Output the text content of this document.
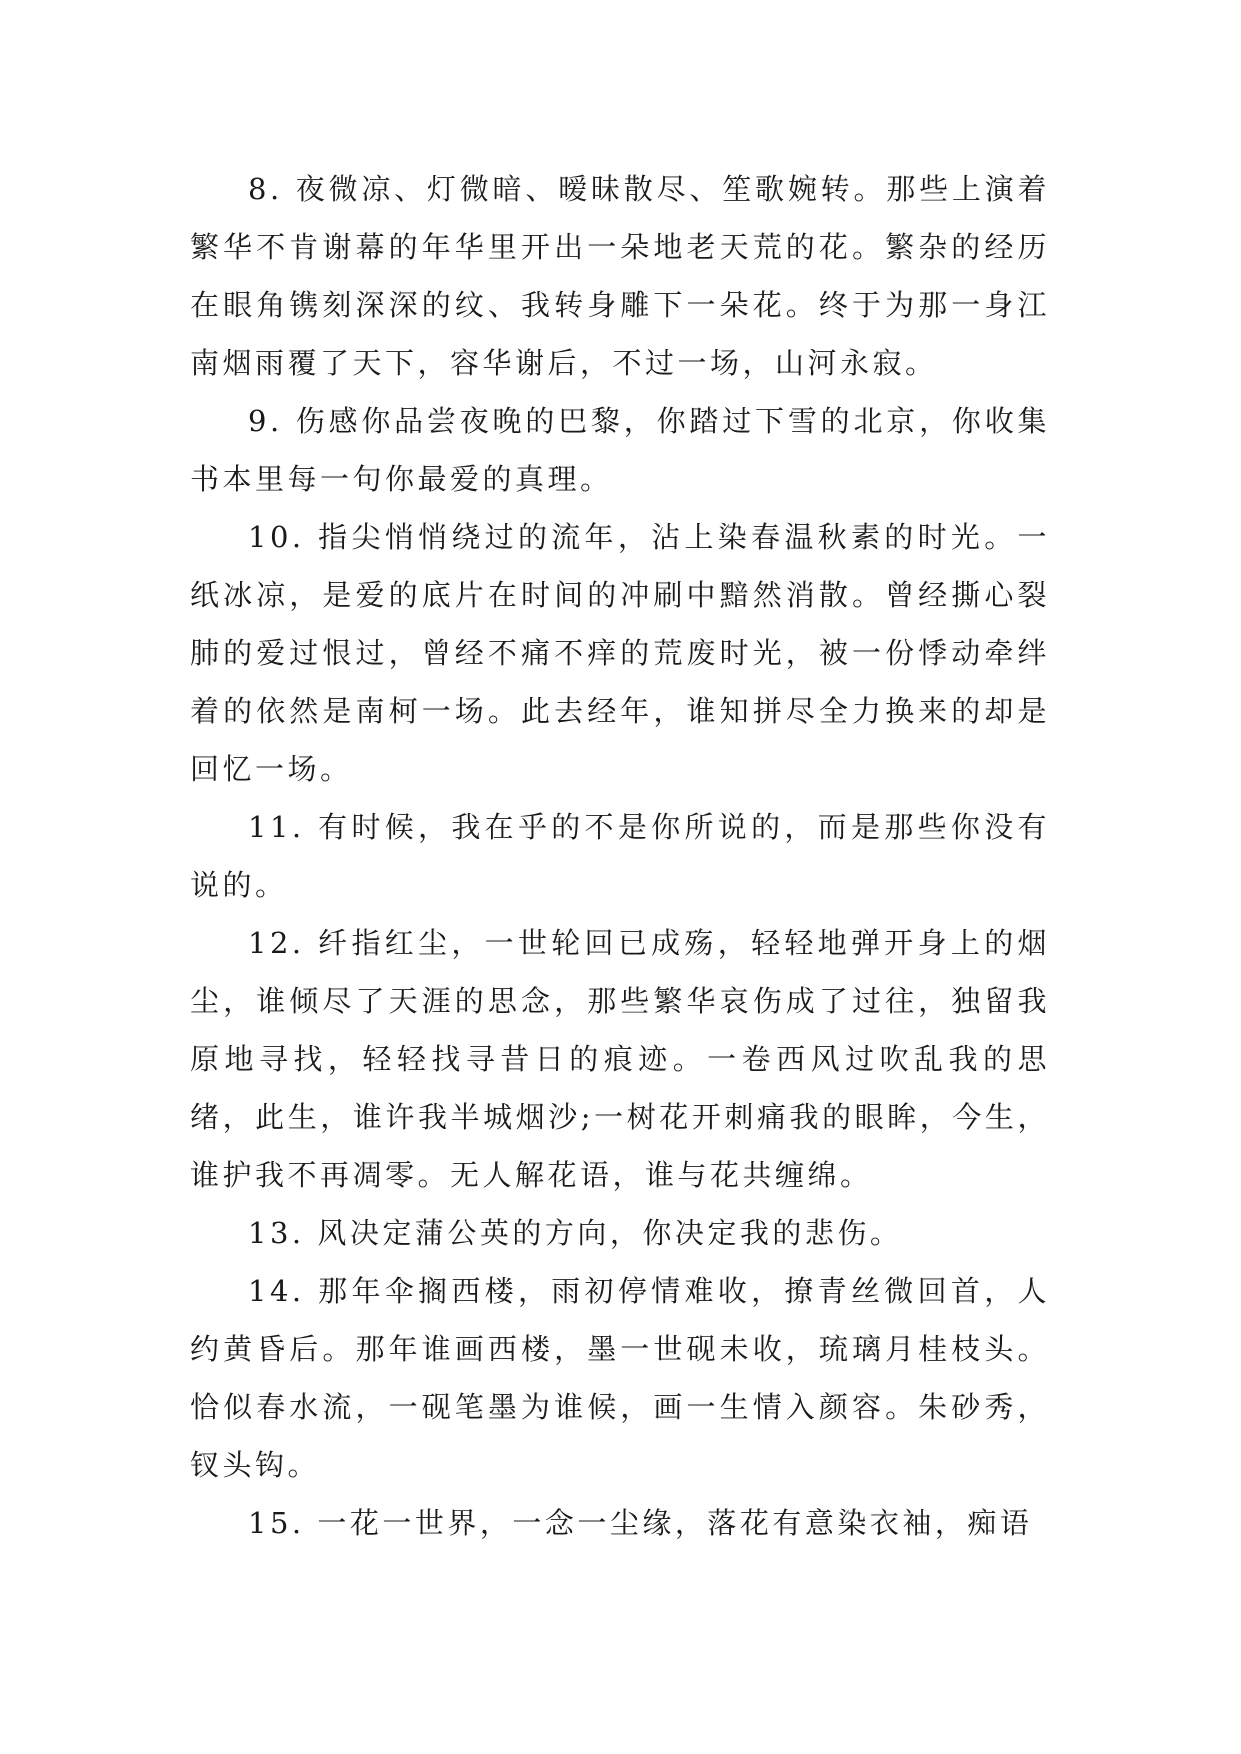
8. 夜微凉、灯微暗、暧昧散尽、笙歌婉转。那些上演着繁华不肯谢幕的年华里开出一朵地老天荒的花。繁杂的经历在眼角镌刻深深的纹、我转身雕下一朵花。终于为那一身江南烟雨覆了天下，容华谢后，不过一场，山河永寂。

9. 伤感你品尝夜晚的巴黎，你踏过下雪的北京，你收集书本里每一句你最爱的真理。

10. 指尖悄悄绕过的流年，沾上染春温秋素的时光。一纸冰凉，是爱的底片在时间的冲刷中黯然消散。曾经撕心裂肺的爱过恨过，曾经不痛不痒的荒废时光，被一份悸动牵绊着的依然是南柯一场。此去经年，谁知拼尽全力换来的却是回忆一场。

11. 有时候，我在乎的不是你所说的，而是那些你没有说的。

12. 纤指红尘，一世轮回已成殇，轻轻地弹开身上的烟尘，谁倾尽了天涯的思念，那些繁华哀伤成了过往，独留我原地寻找，轻轻找寻昔日的痕迹。一卷西风过吹乱我的思绪，此生，谁许我半城烟沙;一树花开刺痛我的眼眸，今生，谁护我不再凋零。无人解花语，谁与花共缠绵。

13. 风决定蒲公英的方向，你决定我的悲伤。

14. 那年伞搁西楼，雨初停情难收，撩青丝微回首，人约黄昏后。那年谁画西楼，墨一世砚未收，琉璃月桂枝头。恰似春水流，一砚笔墨为谁候，画一生情入颜容。朱砂秀，钗头钩。

15. 一花一世界，一念一尘缘，落花有意染衣袖，痴语
